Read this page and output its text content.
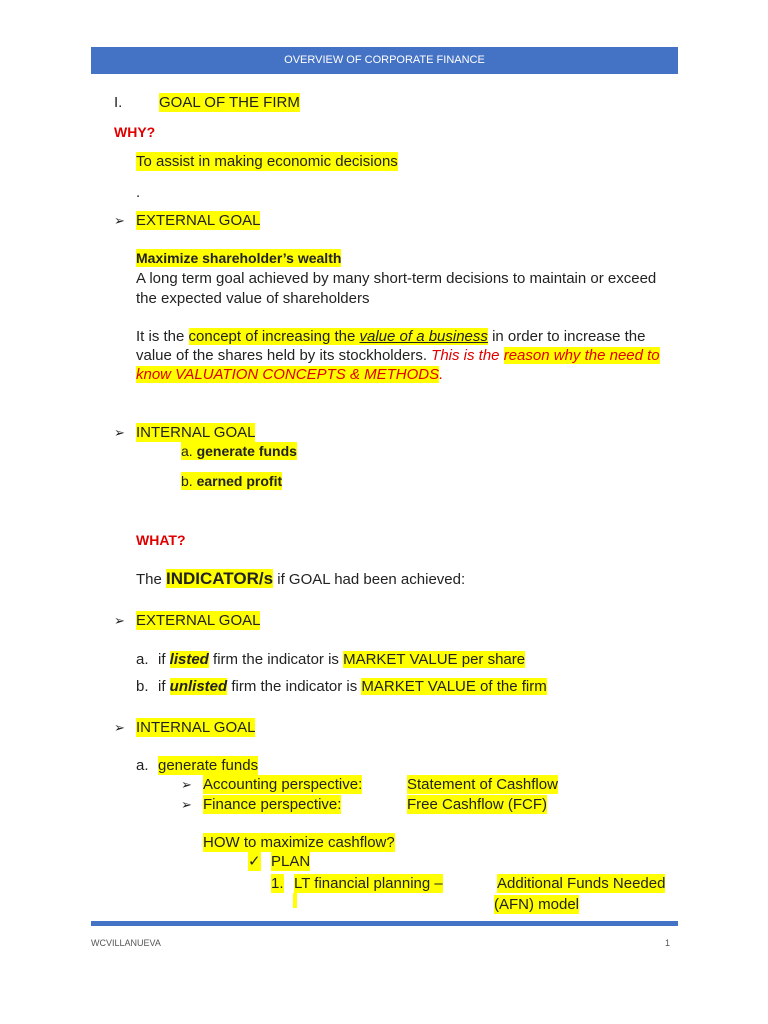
OVERVIEW OF CORPORATE FINANCE
I. GOAL OF THE FIRM
WHY?
To assist in making economic decisions
.
➢ EXTERNAL GOAL
Maximize shareholder’s wealth
A long term goal achieved by many short-term decisions to maintain or exceed
the expected value of shareholders
It is the concept of increasing the value of a business in order to increase the
value of the shares held by its stockholders. This is the reason why the need to
know VALUATION CONCEPTS & METHODS.
➢ INTERNAL GOAL
a. generate funds
b. earned profit
WHAT?
The INDICATOR/s if GOAL had been achieved:
➢ EXTERNAL GOAL
a. if listed firm the indicator is MARKET VALUE per share
b. if unlisted firm the indicator is MARKET VALUE of the firm
➢ INTERNAL GOAL
a. generate funds
➢ Accounting perspective:	Statement of Cashflow
➢ Finance perspective:	Free Cashflow (FCF)
HOW to maximize cashflow?
✓ PLAN
1. LT financial planning –	Additional Funds Needed
(AFN) model
WCVILLANUEVA	1
